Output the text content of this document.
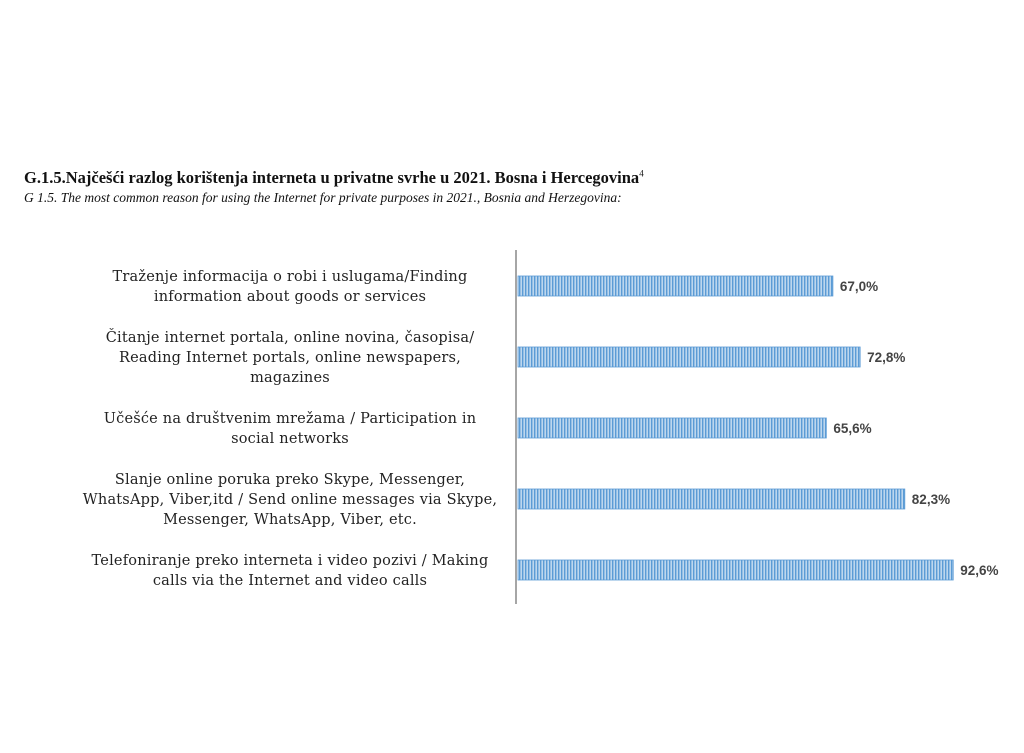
G.1.5.Najčešći razlog korištenja interneta u privatne svrhe u 2021. Bosna i Hercegovina$^4$
G 1.5. The most common reason for using the Internet for private purposes in 2021., Bosnia and Herzegovina:
67,0%
Traženje informacija o robi i uslugama/Finding information about goods or services
72,8%
Čitanje internet portala, online novina, časopisa/ Reading Internet portals, online newspapers, magazines
65,6%
Učešće na društvenim mrežama / Participation in social networks
82,3%
Slanje online poruka preko Skype, Messenger, WhatsApp, Viber,itd / Send online messages via Skype, Messenger, WhatsApp, Viber, etc.
92,6%
Telefoniranje preko interneta i video pozivi / Making calls via the Internet and video calls
